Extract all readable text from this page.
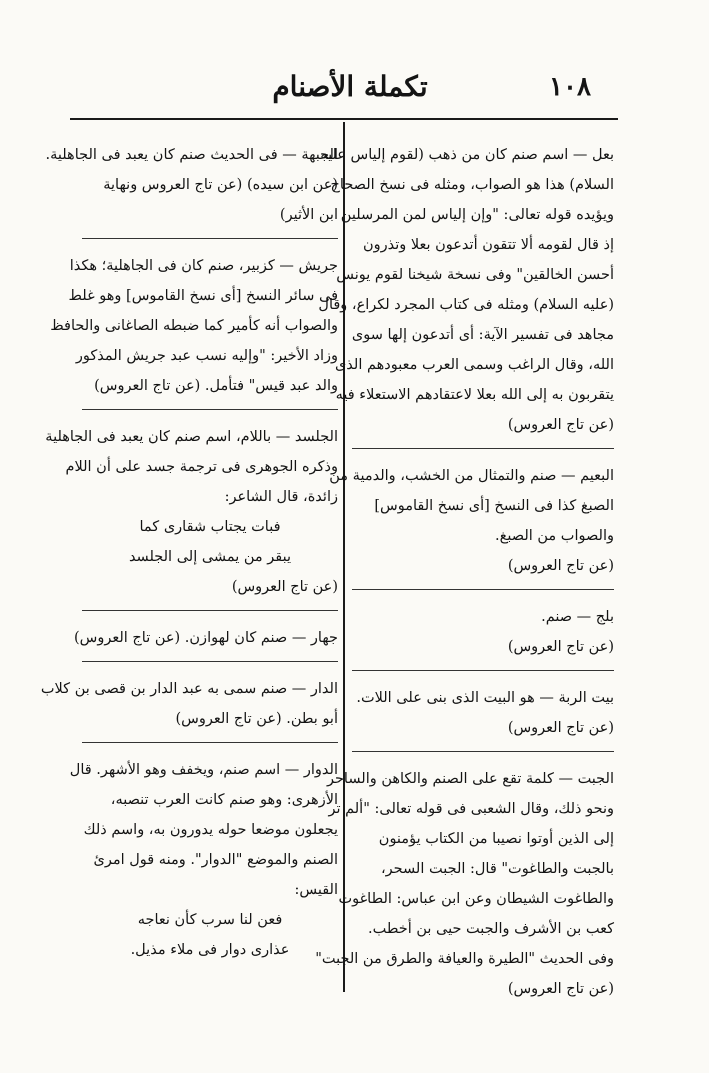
١٠٨
تكملة الأصنام
بعل — اسم صنم كان من ذهب (لقوم إلياس عليه
السلام) هذا هو الصواب، ومثله فى نسخ الصحاح
ويؤيده قوله تعالى: "وإن إلياس لمن المرسلين
إذ قال لقومه ألا تتقون أتدعون بعلا وتذرون
أحسن الخالقين" وفى نسخة شيخنا لقوم يونس
(عليه السلام) ومثله فى كتاب المجرد لكراع، وقال
مجاهد فى تفسير الآية: أى أتدعون إلها سوى
الله، وقال الراغب وسمى العرب معبودهم الذى
يتقربون به إلى الله بعلا لاعتقادهم الاستعلاء فيه
(عن تاج العروس)
البعيم — صنم والتمثال من الخشب، والدمية من
الصبغ كذا فى النسخ [أى نسخ القاموس]
والصواب من الصبغ.
(عن تاج العروس)
بلج — صنم.
(عن تاج العروس)
بيت الربة — هو البيت الذى بنى على اللات.
(عن تاج العروس)
الجبت — كلمة تقع على الصنم والكاهن والساحر
ونحو ذلك، وقال الشعبى فى قوله تعالى: "ألم تر
إلى الذين أوتوا نصيبا من الكتاب يؤمنون
بالجبت والطاغوت" قال: الجبت السحر،
والطاغوت الشيطان وعن ابن عباس: الطاغوت
كعب بن الأشرف والجبت حيى بن أخطب.
وفى الحديث "الطيرة والعيافة والطرق من الجبت"
(عن تاج العروس)
الجبهة — فى الحديث صنم كان يعبد فى الجاهلية.
(عن ابن سيده) (عن تاج العروس ونهاية
ابن الأثير)
جريش — كزبير، صنم كان فى الجاهلية؛ هكذا
فى سائر النسخ [أى نسخ القاموس] وهو غلط
والصواب أنه كأمير كما ضبطه الصاغانى والحافظ
وزاد الأخير: "وإليه نسب عبد جريش المذكور
والد عبد قيس" فتأمل. (عن تاج العروس)
الجلسد — باللام، اسم صنم كان يعبد فى الجاهلية
وذكره الجوهرى فى ترجمة جسد على أن اللام
زائدة، قال الشاعر:
فبات يجتاب شقارى كما
يبقر من يمشى إلى الجلسد
(عن تاج العروس)
جهار — صنم كان لهوازن. (عن تاج العروس)
الدار — صنم سمى به عبد الدار بن قصى بن كلاب
أبو بطن. (عن تاج العروس)
الدوار — اسم صنم، ويخفف وهو الأشهر. قال
الأزهرى: وهو صنم كانت العرب تنصبه،
يجعلون موضعا حوله يدورون به، واسم ذلك
الصنم والموضع "الدوار". ومنه قول امرئ
القيس:
فعن لنا سرب كأن نعاجه
عذارى دوار فى ملاء مذيل.
